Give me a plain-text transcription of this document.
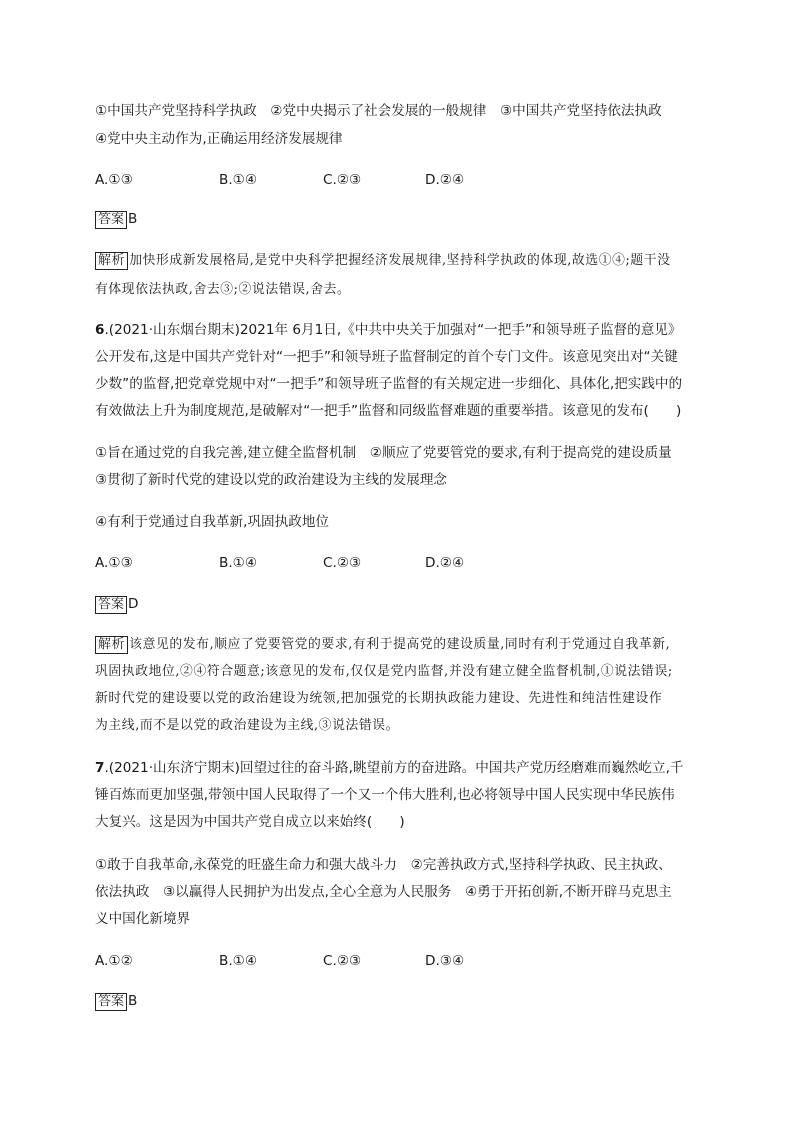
①中国共产党坚持科学执政　②党中央揭示了社会发展的一般规律　③中国共产党坚持依法执政
④党中央主动作为,正确运用经济发展规律
A.①③	B.①④	C.②③	D.②④
答案 B
解析 加快形成新发展格局,是党中央科学把握经济发展规律,坚持科学执政的体现,故选①④;题干没
有体现依法执政,舍去③;②说法错误,舍去。
6.(2021·山东烟台期末)2021年 6月1日,《中共中央关于加强对“一把手”和领导班子监督的意见》
公开发布,这是中国共产党针对“一把手”和领导班子监督制定的首个专门文件。该意见突出对“关键
少数”的监督,把党章党规中对“一把手”和领导班子监督的有关规定进一步细化、具体化,把实践中的
有效做法上升为制度规范,是破解对“一把手”监督和同级监督难题的重要举措。该意见的发布(　　)
①旨在通过党的自我完善,建立健全监督机制　②顺应了党要管党的要求,有利于提高党的建设质量
③贯彻了新时代党的建设以党的政治建设为主线的发展理念
④有利于党通过自我革新,巩固执政地位
A.①③	B.①④	C.②③	D.②④
答案 D
解析 该意见的发布,顺应了党要管党的要求,有利于提高党的建设质量,同时有利于党通过自我革新,
巩固执政地位,②④符合题意;该意见的发布,仅仅是党内监督,并没有建立健全监督机制,①说法错误;
新时代党的建设要以党的政治建设为统领,把加强党的长期执政能力建设、先进性和纯洁性建设作
为主线,而不是以党的政治建设为主线,③说法错误。
7.(2021·山东济宁期末)回望过往的奋斗路,眺望前方的奋进路。中国共产党历经磨难而巍然屹立,千
锤百炼而更加坚强,带领中国人民取得了一个又一个伟大胜利,也必将领导中国人民实现中华民族伟
大复兴。这是因为中国共产党自成立以来始终(　　)
①敢于自我革命,永葆党的旺盛生命力和强大战斗力　②完善执政方式,坚持科学执政、民主执政、
依法执政　③以赢得人民拥护为出发点,全心全意为人民服务　④勇于开拓创新,不断开辟马克思主
义中国化新境界
A.①②	B.①④	C.②③	D.③④
答案 B
